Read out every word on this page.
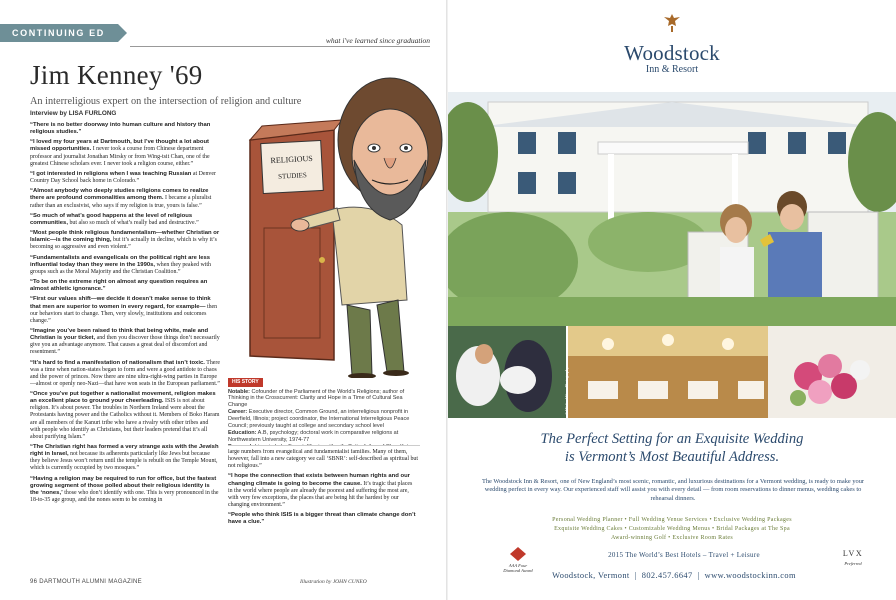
CONTINUING ED
what i've learned since graduation
Jim Kenney '69
An interreligious expert on the intersection of religion and culture
Interview by LISA FURLONG
RELIGIOUS
STUDIES

“There is no better doorway into human culture and history than religious studies.”

“I loved my four years at Dartmouth, but I’ve thought a lot about missed opportunities. I never took a course from Chinese department professor and journalist Jonathan Mirsky or from Wing-tsit Chan, one of the greatest Chinese scholars ever. I never took a religion course, either.”

“I got interested in religions when I was teaching Russian at Denver Country Day School back home in Colorado.”

“Almost anybody who deeply studies religions comes to realize there are profound commonalities among them. I became a pluralist rather than an exclusivist, who says if my religion is true, yours is false.”

“So much of what’s good happens at the level of religious communities, but also so much of what’s really bad and destructive.”

“Most people think religious fundamentalism—whether Christian or Islamic—is the coming thing, but it’s actually in decline, which is why it’s becoming so aggressive and even violent.”

“Fundamentalists and evangelicals on the political right are less influential today than they were in the 1990s, when they peaked with groups such as the Moral Majority and the Christian Coalition.”

“To be on the extreme right on almost any question requires an almost athletic ignorance.”

“First our values shift—we decide it doesn’t make sense to think that men are superior to women in every regard, for example— then our behaviors start to change. Then, very slowly, institutions and outcomes change.”

“Imagine you’ve been raised to think that being white, male and Christian is your ticket, and then you discover those things don’t necessarily give you an advantage anymore. That causes a great deal of discomfort and resentment.”

“It’s hard to find a manifestation of nationalism that isn’t toxic. There was a time when nation-states began to form and were a good antidote to chaos and the power of princes. Now there are nine ultra-right-wing parties in Europe—almost or openly neo-Nazi—that have won seats in the European parliament.”

“Once you’ve put together a nationalist movement, religion makes an excellent place to ground your cheerleading. ISIS is not about religion. It’s about power. The troubles in Northern Ireland were about the Protestants having power and the Catholics without it. Members of Boko Haram are all members of the Kanuri tribe who have a rivalry with other tribes and with people who identify as Christians, but their leaders pretend that it’s all about purifying Islam.”

“The Christian right has formed a very strange axis with the Jewish right in Israel, not because its adherents particularly like Jews but because they believe Jesus won’t return until the temple is rebuilt on the Temple Mount, which is currently occupied by two mosques.”

“Having a religion may be required to run for office, but the fastest growing segment of those polled about their religious identity is the ‘nones,’ those who don’t identify with one. This is very pronounced in the 18-to-35 age group, and the nones seem to be coming in

HIS STORY

Notable: Cofounder of the Parliament of the World’s Religions; author of Thinking in the Crosscurrent: Clarity and Hope in a Time of Cultural Sea Change

Career: Executive director, Common Ground, an interreligious nonprofit in Deerfield, Illinois; project coordinator, the International Interreligious Peace Council; previously taught at college and secondary school level

Education: A.B, psychology; doctoral work in comparative religions at Northwestern University, 1974-77

large numbers from evangelical and fundamentalist families. Many of them, however, fall into a new category we call ‘SBNR’: self-described as spiritual but not religious.”

“I hope the connection that exists between human rights and our changing climate is going to become the cause. It’s tragic that places in the world where people are already the poorest and suffering the most are, with very few exceptions, the places that are being hit the hardest by our changing environment.”

“People who think ISIS is a bigger threat than climate change don’t have a clue.”

96 DARTMOUTH ALUMNI MAGAZINE	Illustration by JOHN CUNEO
Woodstock
Inn & Resort
© Michael Kane Photography
The Perfect Setting for an Exquisite Wedding
is Vermont’s Most Beautiful Address.
The Woodstock Inn & Resort, one of New England’s most scenic, romantic, and luxurious destinations for a Vermont wedding, is ready to make your wedding perfect in every way. Our experienced staff will assist you with every detail — from room reservations to dinner menus, wedding cakes to rehearsal dinners.
Personal Wedding Planner • Full Wedding Venue Services • Exclusive Wedding Packages
Exquisite Wedding Cakes • Customizable Wedding Menus • Bridal Packages at The Spa
Award-winning Golf • Exclusive Room Rates
AAA Four Diamond Award
2015 The World’s Best Hotels – Travel + Leisure
Woodstock, Vermont  |  802.457.6647  |  www.woodstockinn.com
LVX
Preferred
